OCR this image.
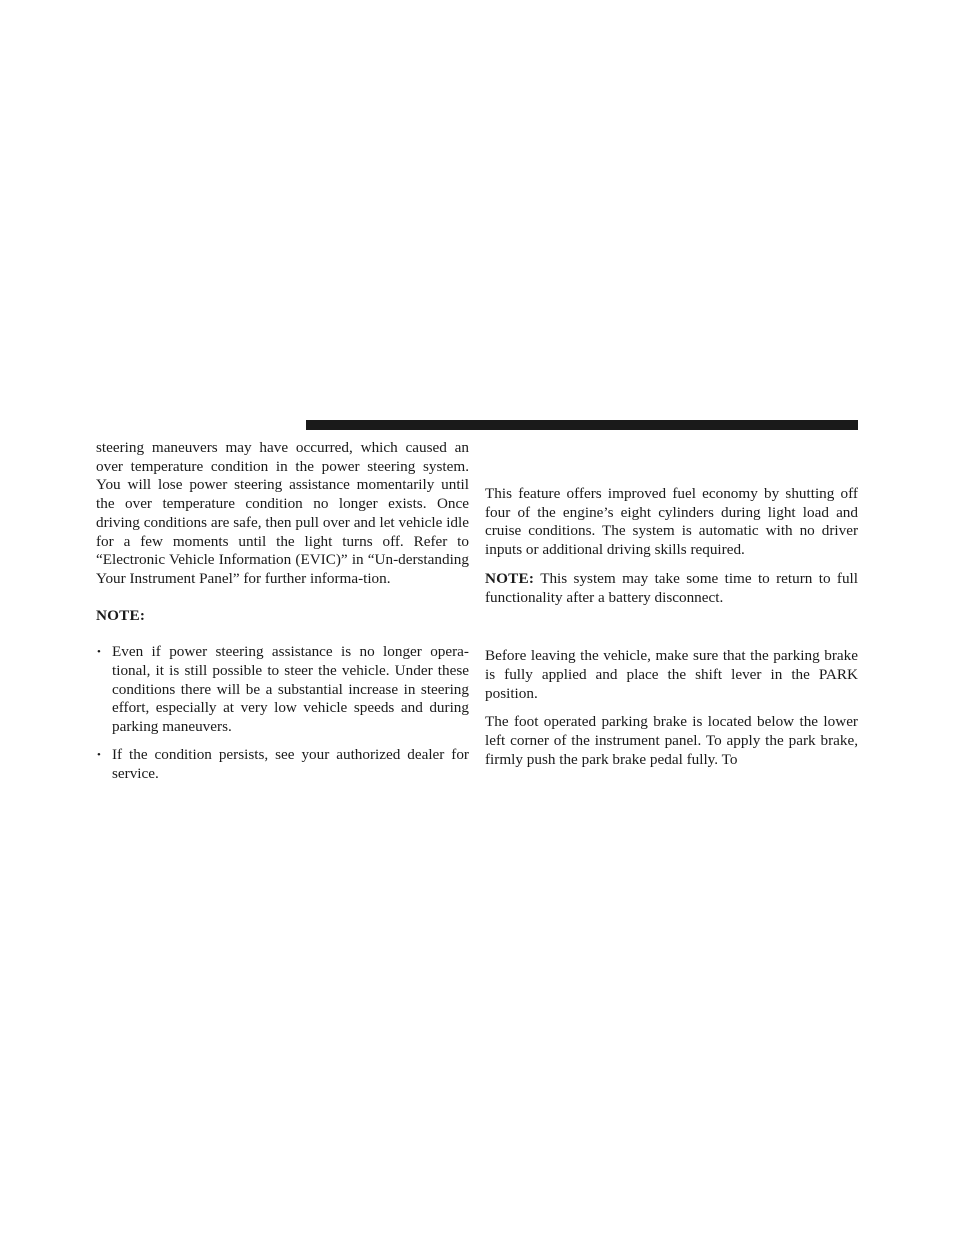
steering maneuvers may have occurred, which caused an over temperature condition in the power steering system. You will lose power steering assistance momentarily until the over temperature condition no longer exists. Once driving conditions are safe, then pull over and let vehicle idle for a few moments until the light turns off. Refer to “Electronic Vehicle Information (EVIC)” in “Un-derstanding Your Instrument Panel” for further informa-tion.

NOTE:

• Even if power steering assistance is no longer opera-tional, it is still possible to steer the vehicle. Under these conditions there will be a substantial increase in steering effort, especially at very low vehicle speeds and during parking maneuvers.
• If the condition persists, see your authorized dealer for service.

This feature offers improved fuel economy by shutting off four of the engine’s eight cylinders during light load and cruise conditions. The system is automatic with no driver inputs or additional driving skills required.

NOTE: This system may take some time to return to full functionality after a battery disconnect.

Before leaving the vehicle, make sure that the parking brake is fully applied and place the shift lever in the PARK position.

The foot operated parking brake is located below the lower left corner of the instrument panel. To apply the park brake, firmly push the park brake pedal fully. To
